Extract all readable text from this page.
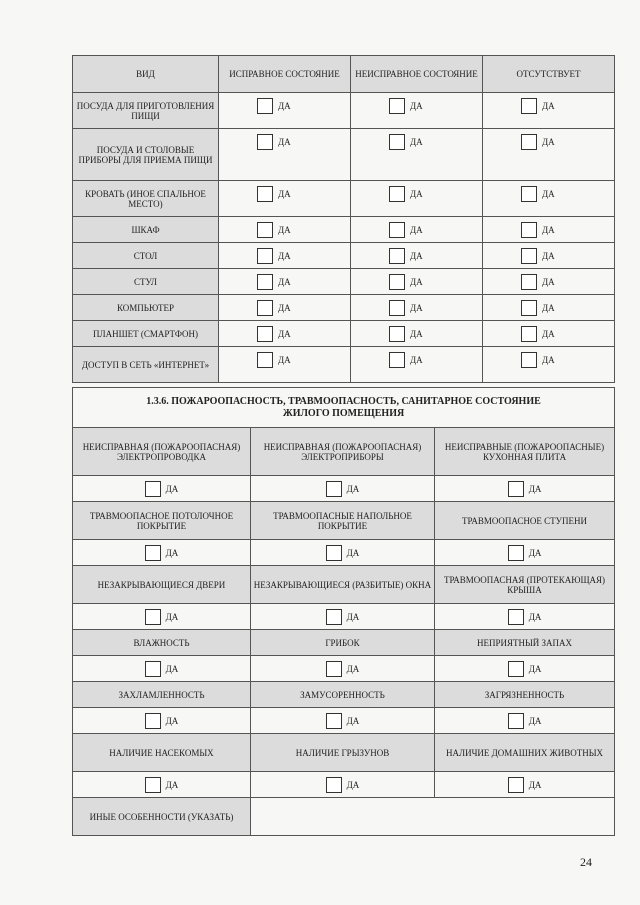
ВИД	ИСПРАВНОЕ СОСТОЯНИЕ	НЕИСПРАВНОЕ СОСТОЯНИЕ	ОТСУТСТВУЕТ
ПОСУДА ДЛЯ ПРИГОТОВЛЕНИЯ ПИЩИ	ДА	ДА	ДА
ПОСУДА И СТОЛОВЫЕ ПРИБОРЫ ДЛЯ ПРИЕМА ПИЩИ	ДА	ДА	ДА
КРОВАТЬ (ИНОЕ СПАЛЬНОЕ МЕСТО)	ДА	ДА	ДА
ШКАФ	ДА	ДА	ДА
СТОЛ	ДА	ДА	ДА
СТУЛ	ДА	ДА	ДА
КОМПЬЮТЕР	ДА	ДА	ДА
ПЛАНШЕТ (СМАРТФОН)	ДА	ДА	ДА
ДОСТУП В СЕТЬ «ИНТЕРНЕТ»	ДА	ДА	ДА
1.3.6. ПОЖАРООПАСНОСТЬ, ТРАВМООПАСНОСТЬ, САНИТАРНОЕ СОСТОЯНИЕ ЖИЛОГО ПОМЕЩЕНИЯ		
НЕИСПРАВНАЯ (ПОЖАРООПАСНАЯ) ЭЛЕКТРОПРОВОДКА	НЕИСПРАВНАЯ (ПОЖАРООПАСНАЯ) ЭЛЕКТРОПРИБОРЫ	НЕИСПРАВНЫЕ (ПОЖАРООПАСНЫЕ) КУХОННАЯ ПЛИТА
ДА	ДА	ДА
ТРАВМООПАСНОЕ ПОТОЛОЧНОЕ ПОКРЫТИЕ	ТРАВМООПАСНЫЕ НАПОЛЬНОЕ ПОКРЫТИЕ	ТРАВМООПАСНОЕ СТУПЕНИ
ДА	ДА	ДА
НЕЗАКРЫВАЮЩИЕСЯ ДВЕРИ	НЕЗАКРЫВАЮЩИЕСЯ (РАЗБИТЫЕ) ОКНА	ТРАВМООПАСНАЯ (ПРОТЕКАЮЩАЯ) КРЫША
ДА	ДА	ДА
ВЛАЖНОСТЬ	ГРИБОК	НЕПРИЯТНЫЙ ЗАПАХ
ДА	ДА	ДА
ЗАХЛАМЛЕННОСТЬ	ЗАМУСОРЕННОСТЬ	ЗАГРЯЗНЕННОСТЬ
ДА	ДА	ДА
НАЛИЧИЕ НАСЕКОМЫХ	НАЛИЧИЕ ГРЫЗУНОВ	НАЛИЧИЕ ДОМАШНИХ ЖИВОТНЫХ
ДА	ДА	ДА
ИНЫЕ ОСОБЕННОСТИ (УКАЗАТЬ)		
24
